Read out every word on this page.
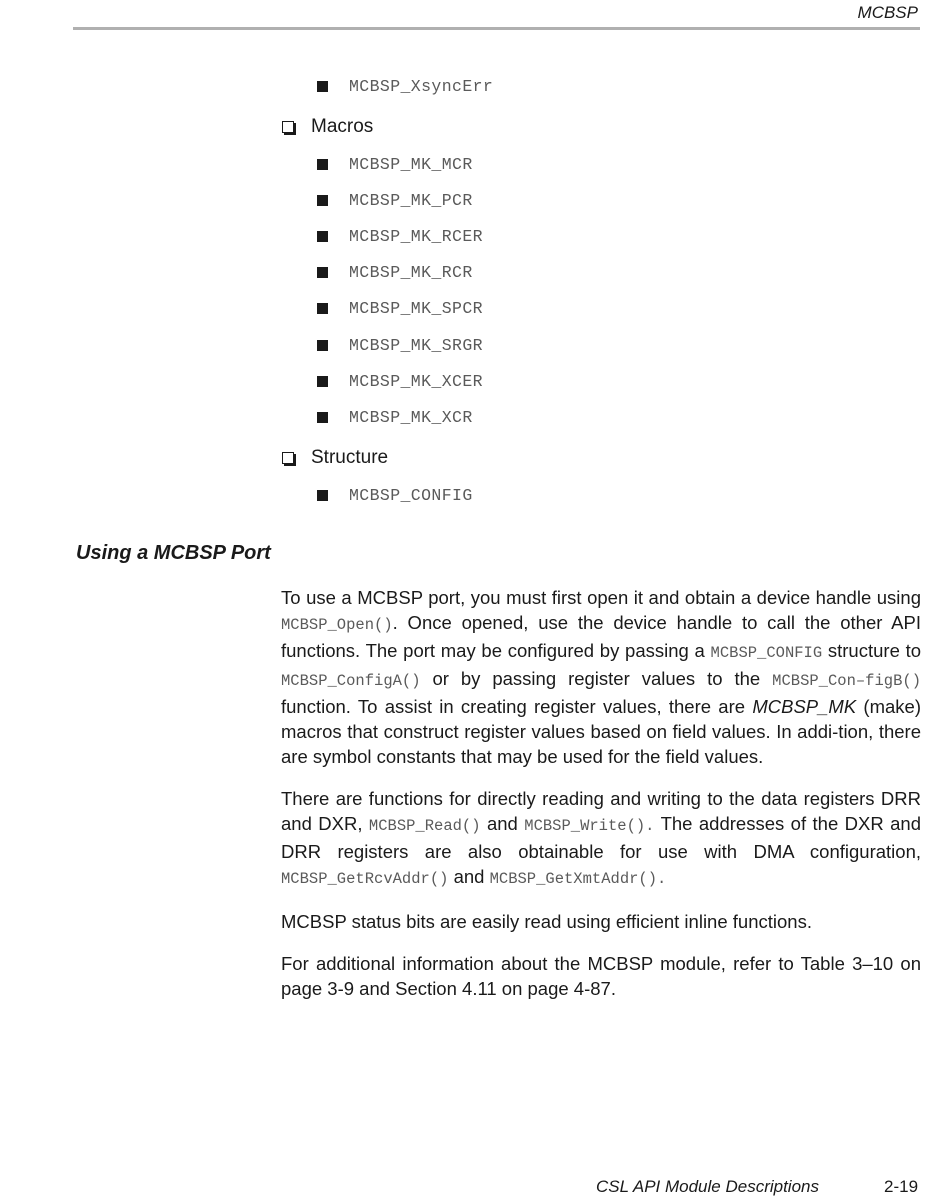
MCBSP
MCBSP_XsyncErr
Macros
MCBSP_MK_MCR
MCBSP_MK_PCR
MCBSP_MK_RCER
MCBSP_MK_RCR
MCBSP_MK_SPCR
MCBSP_MK_SRGR
MCBSP_MK_XCER
MCBSP_MK_XCR
Structure
MCBSP_CONFIG
Using a MCBSP Port

To use a MCBSP port, you must first open it and obtain a device handle using MCBSP_Open(). Once opened, use the device handle to call the other API functions. The port may be configured by passing a MCBSP_CONFIG structure to MCBSP_ConfigA() or by passing register values to the MCBSP_Con–figB() function. To assist in creating register values, there are MCBSP_MK (make) macros that construct register values based on field values. In addi-tion, there are symbol constants that may be used for the field values.

There are functions for directly reading and writing to the data registers DRR and DXR, MCBSP_Read() and MCBSP_Write(). The addresses of the DXR and DRR registers are also obtainable for use with DMA configuration, MCBSP_GetRcvAddr() and MCBSP_GetXmtAddr().

MCBSP status bits are easily read using efficient inline functions.

For additional information about the MCBSP module, refer to Table 3–10 on page 3-9 and Section 4.11 on page 4-87.

CSL API Module Descriptions	2-19
